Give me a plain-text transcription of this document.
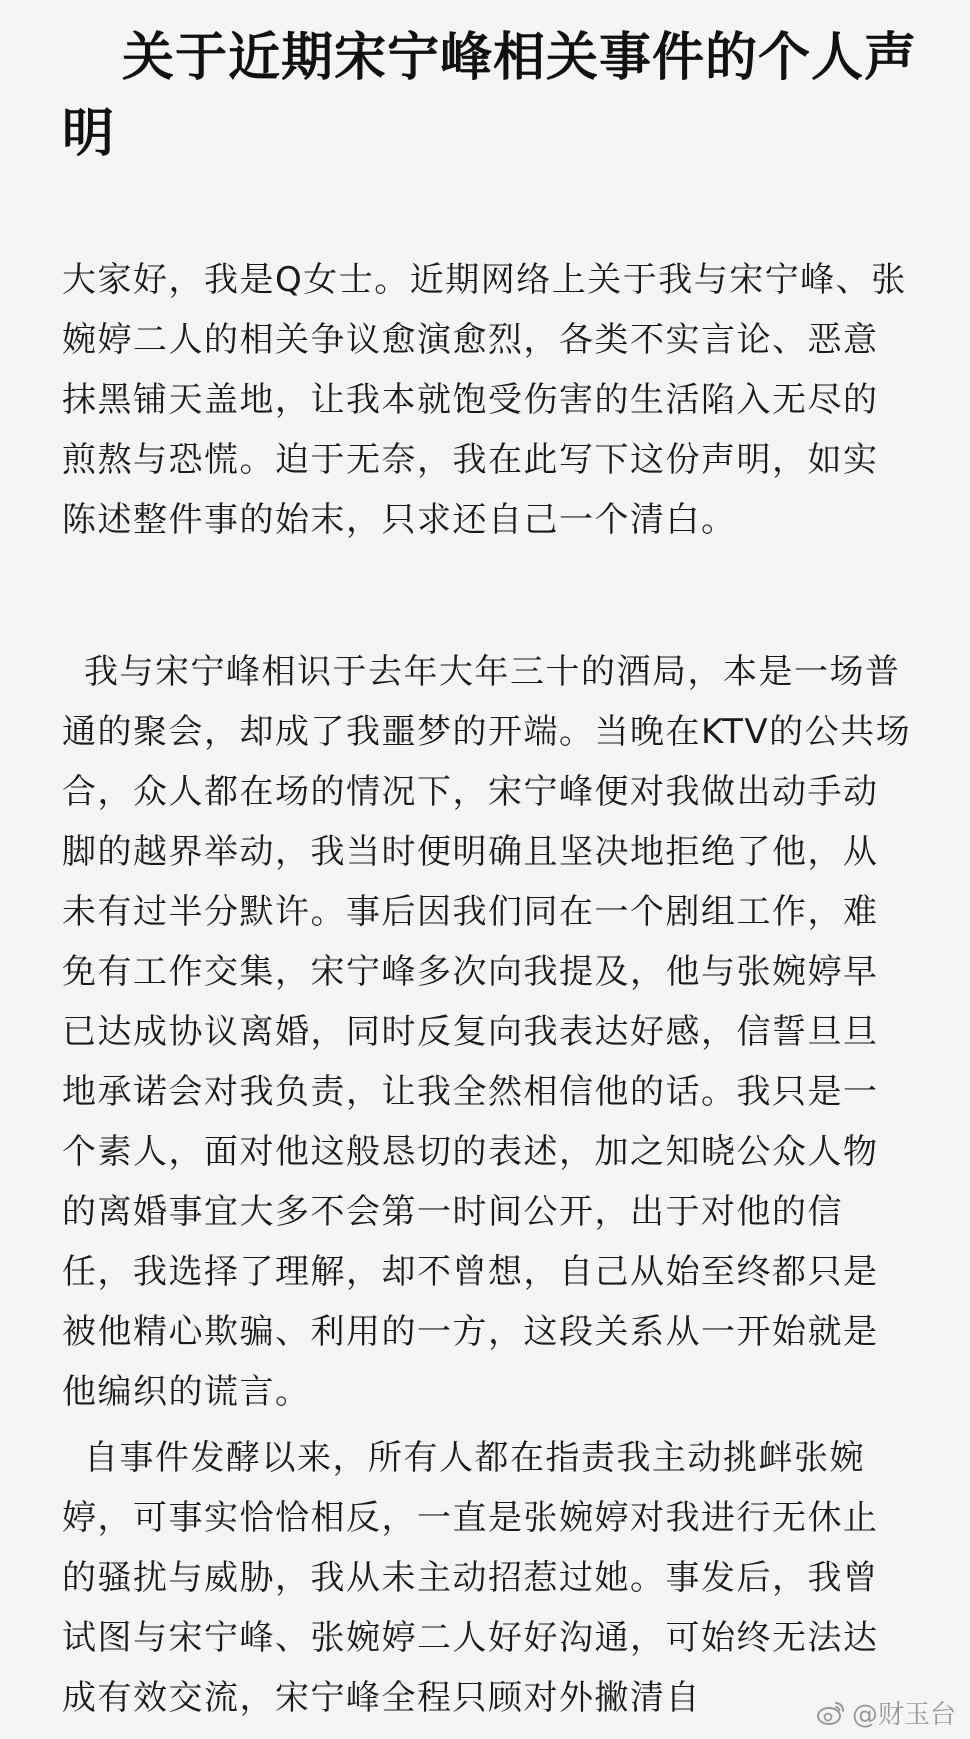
关于近期宋宁峰相关事件的个人声明

大家好，我是Q女士。近期网络上关于我与宋宁峰、张婉婷二人的相关争议愈演愈烈，各类不实言论、恶意抹黑铺天盖地，让我本就饱受伤害的生活陷入无尽的煎熬与恐慌。迫于无奈，我在此写下这份声明，如实陈述整件事的始末，只求还自己一个清白。

我与宋宁峰相识于去年大年三十的酒局，本是一场普通的聚会，却成了我噩梦的开端。当晚在KTV的公共场合，众人都在场的情况下，宋宁峰便对我做出动手动脚的越界举动，我当时便明确且坚决地拒绝了他，从未有过半分默许。事后因我们同在一个剧组工作，难免有工作交集，宋宁峰多次向我提及，他与张婉婷早已达成协议离婚，同时反复向我表达好感，信誓旦旦地承诺会对我负责，让我全然相信他的话。我只是一个素人，面对他这般恳切的表述，加之知晓公众人物的离婚事宜大多不会第一时间公开，出于对他的信任，我选择了理解，却不曾想，自己从始至终都只是被他精心欺骗、利用的一方，这段关系从一开始就是他编织的谎言。

自事件发酵以来，所有人都在指责我主动挑衅张婉婷，可事实恰恰相反，一直是张婉婷对我进行无休止的骚扰与威胁，我从未主动招惹过她。事发后，我曾试图与宋宁峰、张婉婷二人好好沟通，可始终无法达成有效交流，宋宁峰全程只顾对外撇清自	@财玉台
